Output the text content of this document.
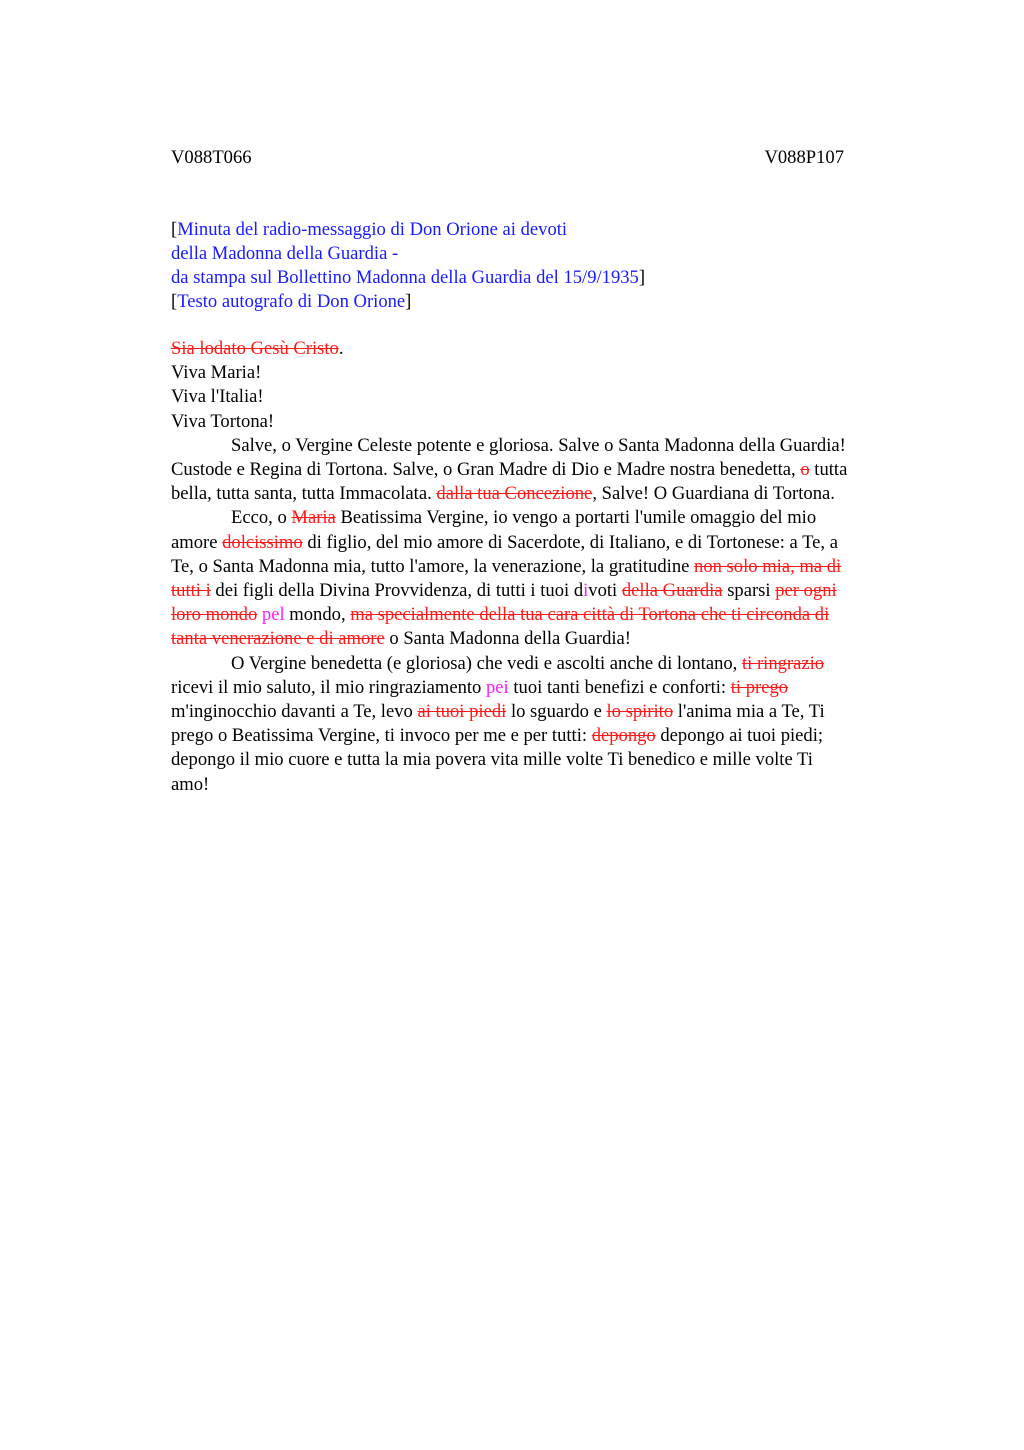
V088T066	V088P107
[Minuta del radio-messaggio di Don Orione ai devoti
della Madonna della Guardia -
da stampa sul Bollettino Madonna della Guardia del 15/9/1935]
[Testo autografo di Don Orione]
Sia lodato Gesù Cristo.
Viva Maria!
Viva l'Italia!
Viva Tortona!
Salve, o Vergine Celeste potente e gloriosa. Salve o Santa Madonna della Guardia!
Custode e Regina di Tortona. Salve, o Gran Madre di Dio e Madre nostra benedetta, o tutta
bella, tutta santa, tutta Immacolata. dalla tua Concezione, Salve! O Guardiana di Tortona.
Ecco, o Maria Beatissima Vergine, io vengo a portarti l'umile omaggio del mio
amore dolcissimo di figlio, del mio amore di Sacerdote, di Italiano, e di Tortonese: a Te, a
Te, o Santa Madonna mia, tutto l'amore, la venerazione, la gratitudine non solo mia, ma di
tutti i dei figli della Divina Provvidenza, di tutti i tuoi divoti della Guardia sparsi per ogni
loro mondo pel mondo, ma specialmente della tua cara città di Tortona che ti circonda di
tanta venerazione e di amore o Santa Madonna della Guardia!
O Vergine benedetta (e gloriosa) che vedi e ascolti anche di lontano, ti ringrazio
ricevi il mio saluto, il mio ringraziamento pei tuoi tanti benefizi e conforti: ti prego
m'inginocchio davanti a Te, levo ai tuoi piedi lo sguardo e lo spirito l'anima mia a Te, Ti
prego o Beatissima Vergine, ti invoco per me e per tutti: depongo depongo ai tuoi piedi;
depongo il mio cuore e tutta la mia povera vita mille volte Ti benedico e mille volte Ti
amo!
